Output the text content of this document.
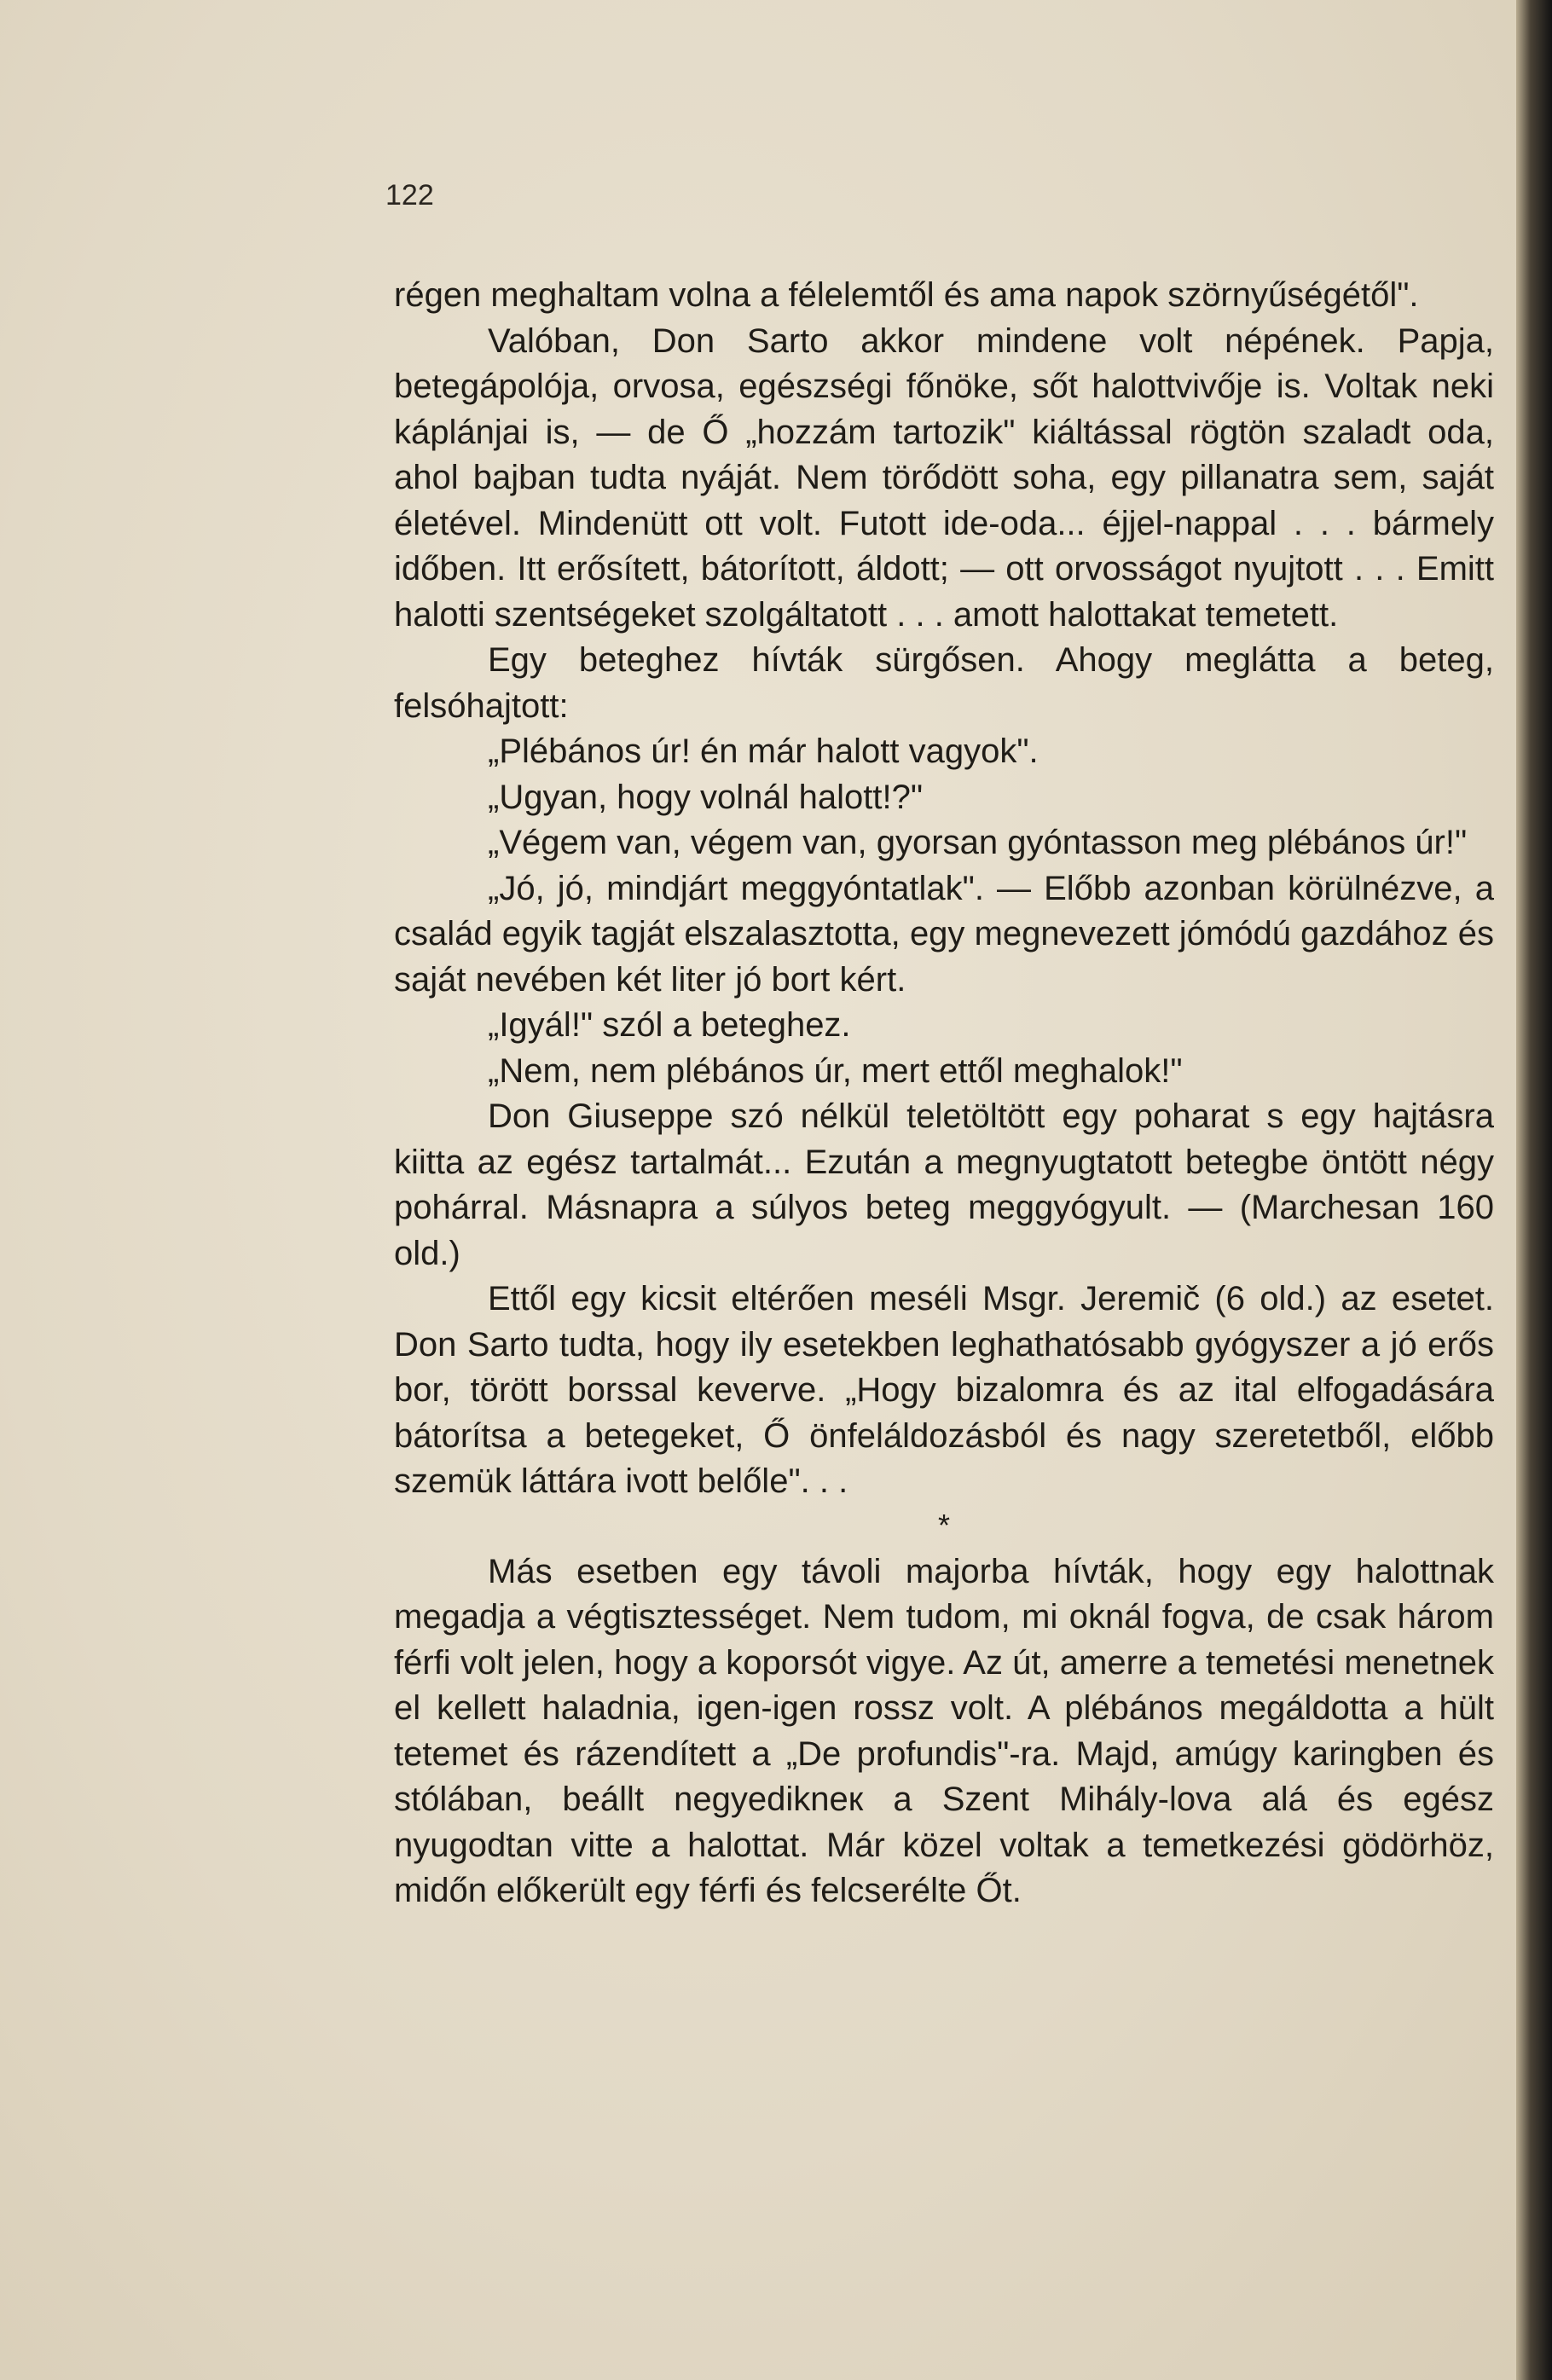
122

régen meghaltam volna a félelemtől és ama napok szörnyűségétől".

Valóban, Don Sarto akkor mindene volt népének. Papja, betegápolója, orvosa, egészségi főnöke, sőt halottvivője is. Voltak neki káplánjai is, — de Ő „hozzám tartozik" kiáltással rögtön szaladt oda, ahol bajban tudta nyáját. Nem törődött soha, egy pillanatra sem, saját életével. Mindenütt ott volt. Futott ide-oda... éjjel-nappal . . . bármely időben. Itt erősített, bátorított, áldott; — ott orvosságot nyujtott . . . Emitt halotti szentségeket szolgáltatott . . . amott halottakat temetett.

Egy beteghez hívták sürgősen. Ahogy meglátta a beteg, felsóhajtott:

„Plébános úr! én már halott vagyok".

„Ugyan, hogy volnál halott!?"

„Végem van, végem van, gyorsan gyóntasson meg plébános úr!"

„Jó, jó, mindjárt meggyóntatlak". — Előbb azonban körülnézve, a család egyik tagját elszalasztotta, egy megnevezett jómódú gazdához és saját nevében két liter jó bort kért.

„Igyál!" szól a beteghez.

„Nem, nem plébános úr, mert ettől meghalok!"

Don Giuseppe szó nélkül teletöltött egy poharat s egy hajtásra kiitta az egész tartalmát... Ezután a megnyugtatott betegbe öntött négy pohárral. Másnapra a súlyos beteg meggyógyult. — (Marchesan 160 old.)

Ettől egy kicsit eltérően meséli Msgr. Jeremič (6 old.) az esetet. Don Sarto tudta, hogy ily esetekben leghathatósabb gyógyszer a jó erős bor, törött borssal keverve. „Hogy bizalomra és az ital elfogadására bátorítsa a betegeket, Ő önfeláldozásból és nagy szeretetből, előbb szemük láttára ivott belőle". . .

*

Más esetben egy távoli majorba hívták, hogy egy halottnak megadja a végtisztességet. Nem tudom, mi oknál fogva, de csak három férfi volt jelen, hogy a koporsót vigye. Az út, amerre a temetési menetnek el kellett haladnia, igen-igen rossz volt. A plébános megáldotta a hült tetemet és rázendített a „De profundis"-ra. Majd, amúgy karingben és stólában, beállt negyedikneк a Szent Mihály-lova alá és egész nyugodtan vitte a halottat. Már közel voltak a temetkezési gödörhöz, midőn előkerült egy férfi és felcserélte Őt.
